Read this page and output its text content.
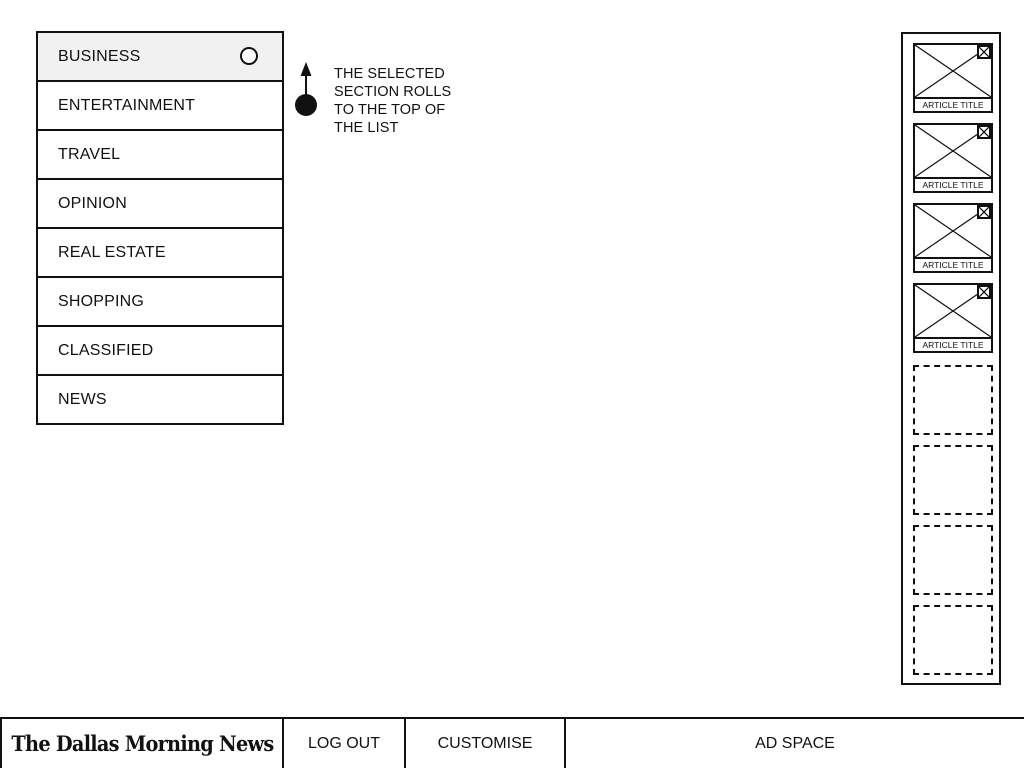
BUSINESS
ENTERTAINMENT
TRAVEL
OPINION
REAL ESTATE
SHOPPING
CLASSIFIED
NEWS
THE SELECTED
SECTION ROLLS
TO THE TOP OF
THE LIST
ARTICLE TITLE
ARTICLE TITLE
ARTICLE TITLE
ARTICLE TITLE
The Dallas Morning News LOG OUT	CUSTOMISE	AD SPACE
